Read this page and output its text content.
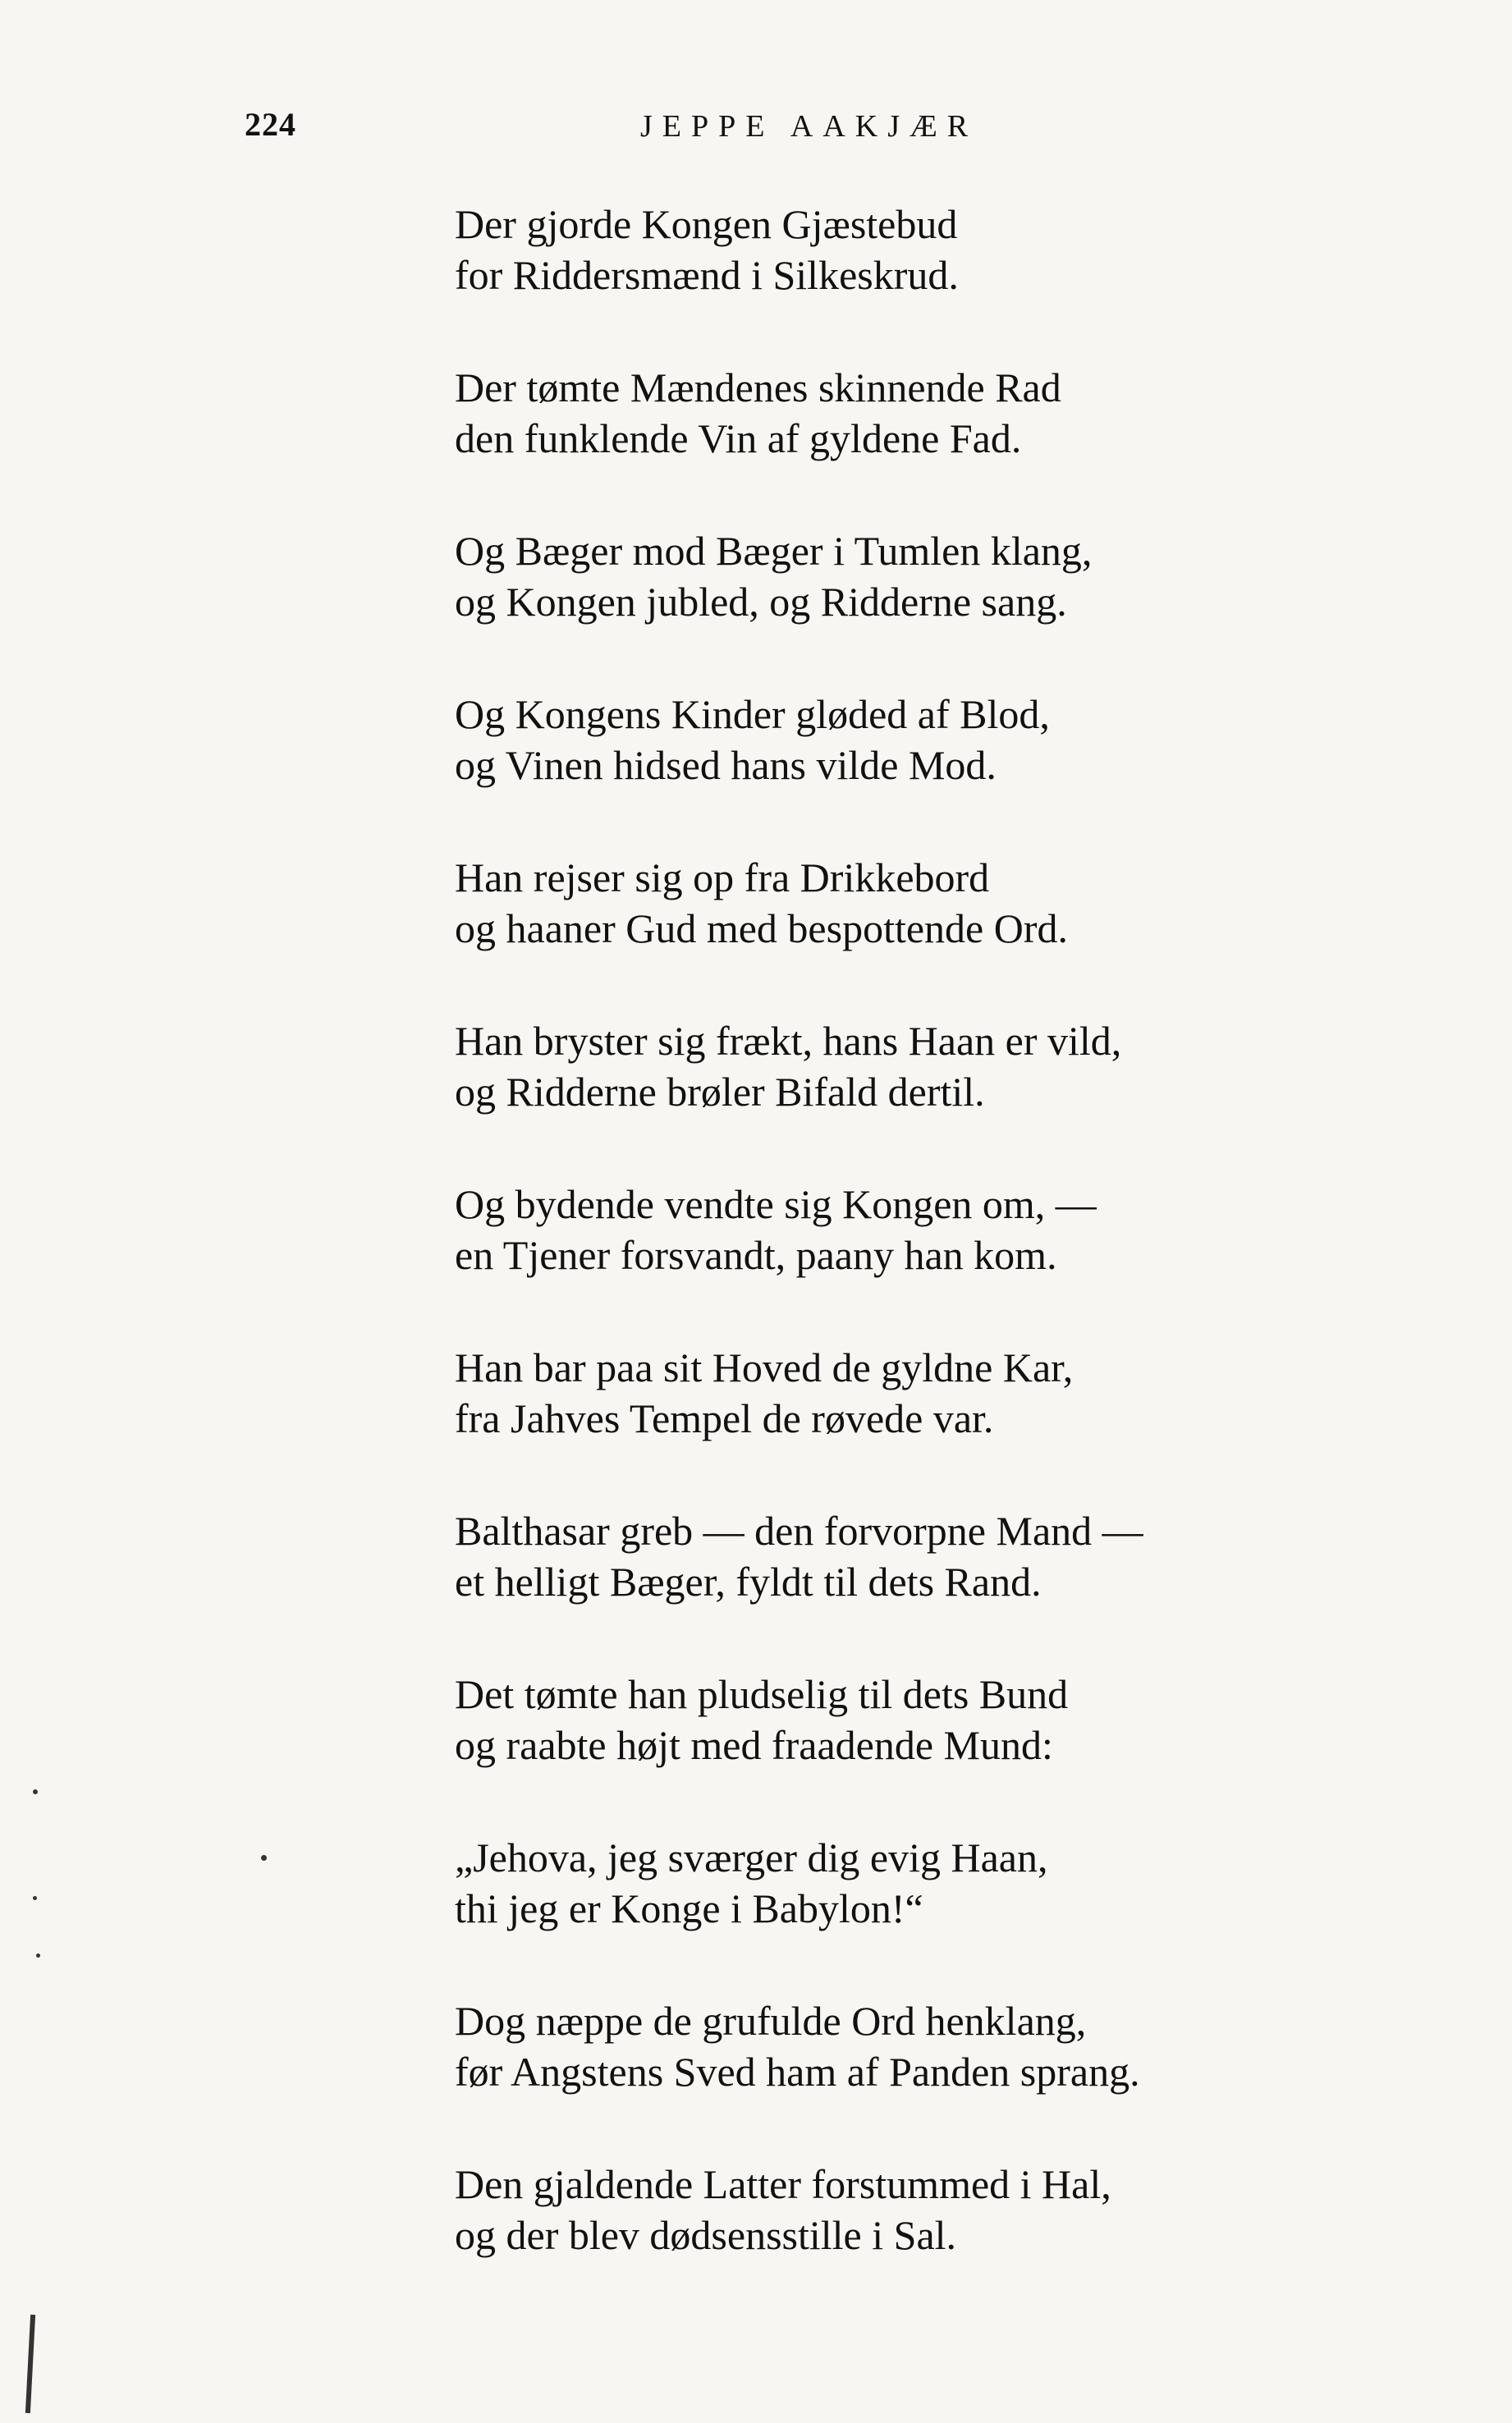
224	JEPPE AAKJÆR
Der gjorde Kongen Gjæstebud
for Riddersmænd i Silkeskrud.
Der tømte Mændenes skinnende Rad
den funklende Vin af gyldene Fad.
Og Bæger mod Bæger i Tumlen klang,
og Kongen jubled, og Ridderne sang.
Og Kongens Kinder gløded af Blod,
og Vinen hidsed hans vilde Mod.
Han rejser sig op fra Drikkebord
og haaner Gud med bespottende Ord.
Han bryster sig frækt, hans Haan er vild,
og Ridderne brøler Bifald dertil.
Og bydende vendte sig Kongen om, —
en Tjener forsvandt, paany han kom.
Han bar paa sit Hoved de gyldne Kar,
fra Jahves Tempel de røvede var.
Balthasar greb — den forvorpne Mand —
et helligt Bæger, fyldt til dets Rand.
Det tømte han pludselig til dets Bund
og raabte højt med fraadende Mund:
„Jehova, jeg sværger dig evig Haan,
thi jeg er Konge i Babylon!“
Dog næppe de grufulde Ord henklang,
før Angstens Sved ham af Panden sprang.
Den gjaldende Latter forstummed i Hal,
og der blev dødsensstille i Sal.
